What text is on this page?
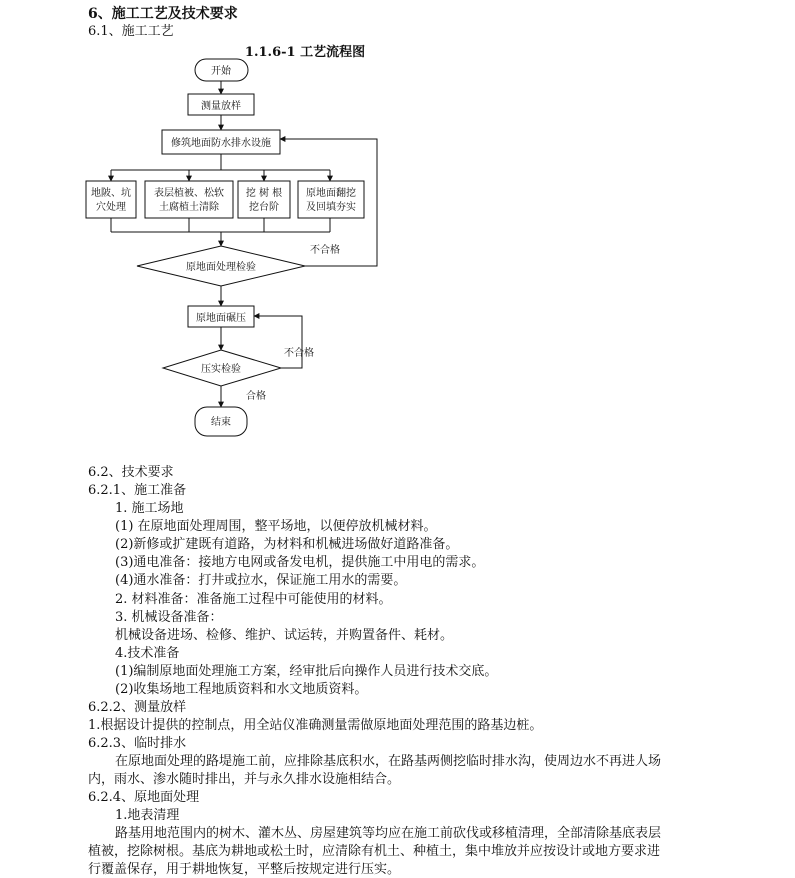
6、施工工艺及技术要求
6.1、施工工艺
1.1.6-1 工艺流程图
开始
测量放样
修筑地面防水排水设施
地陂、坑
穴处理
表层植被、松软
土腐植土清除
挖 树 根
挖台阶
原地面翻挖
及回填夯实
原地面处理检验
不合格
原地面碾压
压实检验
不合格
合格
结束
6.2、技术要求
6.2.1、施工准备
1. 施工场地
(1) 在原地面处理周围，整平场地，以便停放机械材料。
(2)新修或扩建既有道路，为材料和机械进场做好道路准备。
(3)通电准备：接地方电网或备发电机，提供施工中用电的需求。
(4)通水准备：打井或拉水，保证施工用水的需要。
2. 材料准备：准备施工过程中可能使用的材料。
3. 机械设备准备：
机械设备进场、检修、维护、试运转，并购置备件、耗材。
4.技术准备
(1)编制原地面处理施工方案，经审批后向操作人员进行技术交底。
(2)收集场地工程地质资料和水文地质资料。
6.2.2、测量放样
1.根据设计提供的控制点，用全站仪准确测量需做原地面处理范围的路基边桩。
6.2.3、临时排水
在原地面处理的路堤施工前，应排除基底积水，在路基两侧挖临时排水沟，使周边水不再进人场
内，雨水、渗水随时排出，并与永久排水设施相结合。
6.2.4、原地面处理
1.地表清理
路基用地范围内的树木、灌木丛、房屋建筑等均应在施工前砍伐或移植清理，全部清除基底表层
植被，挖除树根。基底为耕地或松土时，应清除有机土、种植土，集中堆放并应按设计或地方要求进
行覆盖保存，用于耕地恢复，平整后按规定进行压实。
